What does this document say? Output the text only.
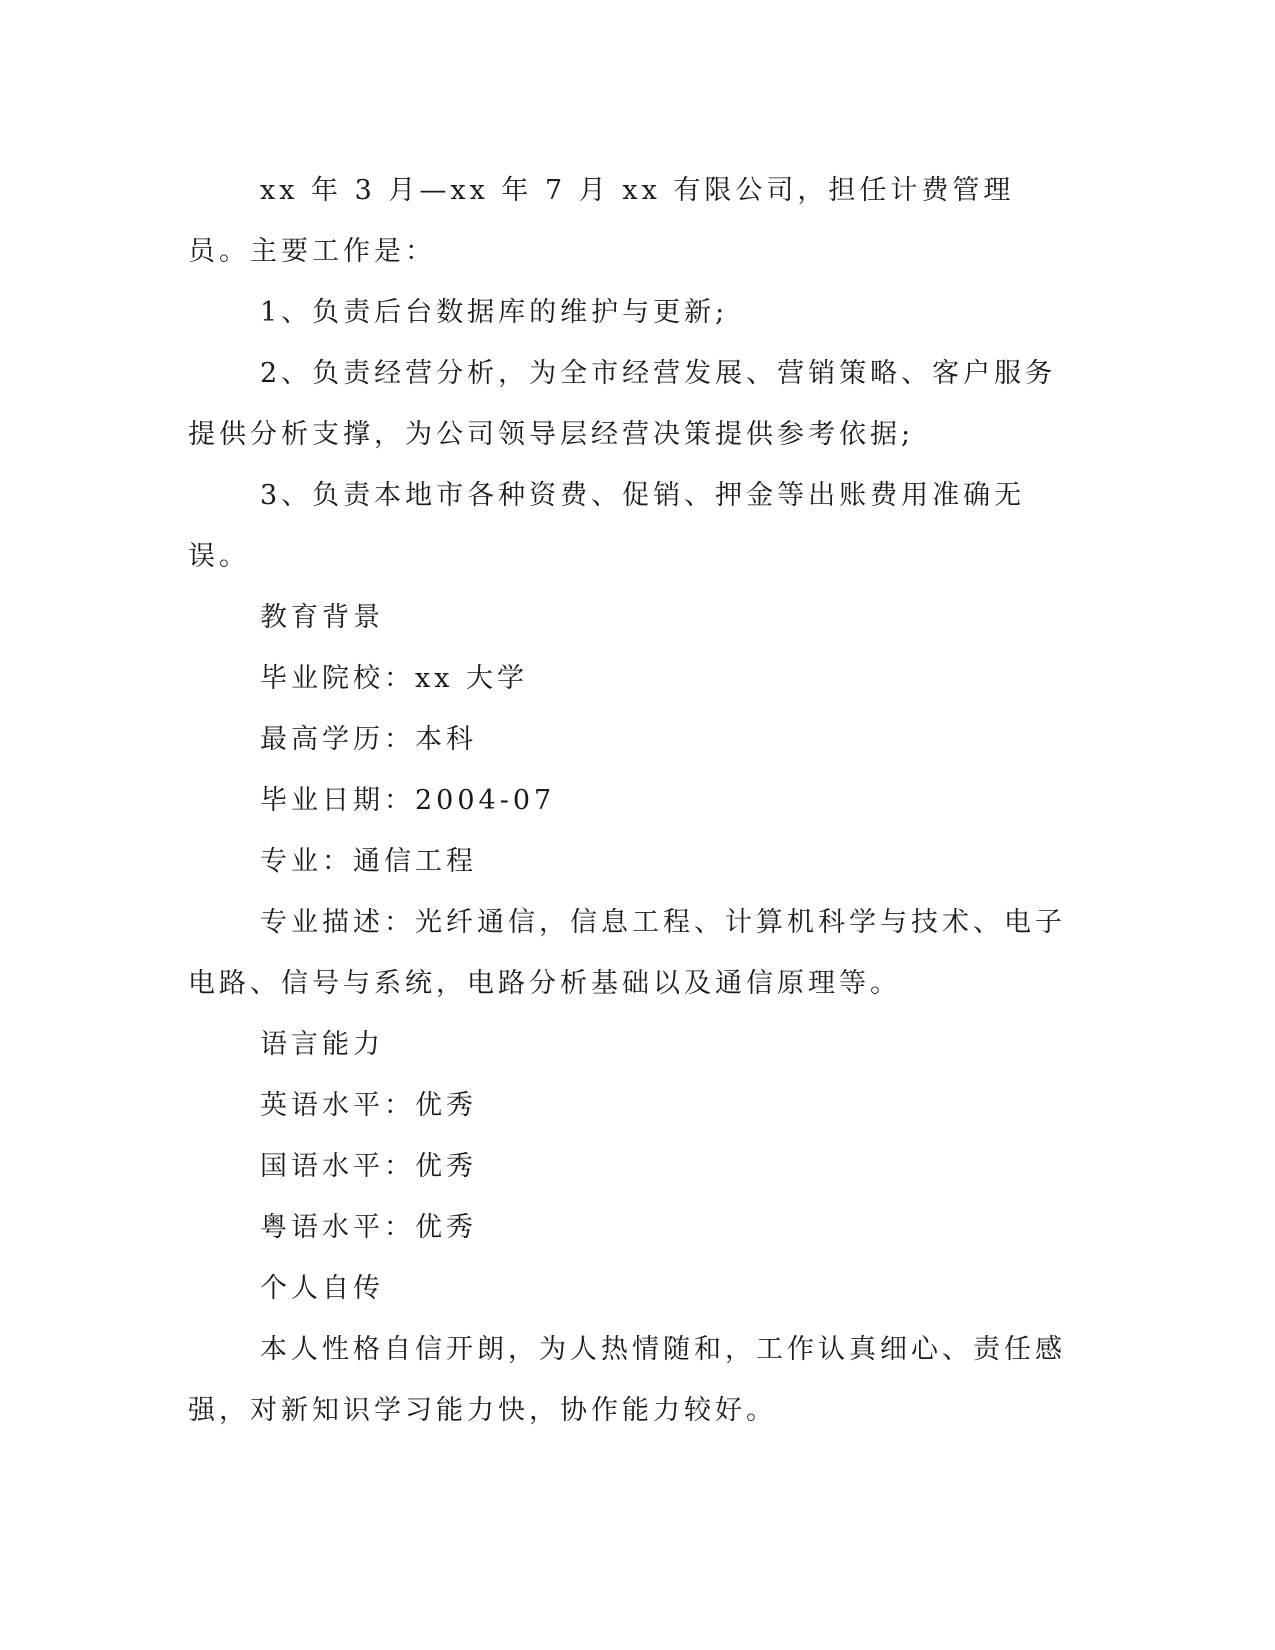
xx 年 3 月—xx 年 7 月 xx 有限公司，担任计费管理员。主要工作是：

1、负责后台数据库的维护与更新;

2、负责经营分析，为全市经营发展、营销策略、客户服务提供分析支撑，为公司领导层经营决策提供参考依据;

3、负责本地市各种资费、促销、押金等出账费用准确无误。

教育背景

毕业院校：xx 大学

最高学历：本科

毕业日期：2004-07

专业：通信工程

专业描述：光纤通信，信息工程、计算机科学与技术、电子电路、信号与系统，电路分析基础以及通信原理等。

语言能力

英语水平：优秀

国语水平：优秀

粤语水平：优秀

个人自传

本人性格自信开朗，为人热情随和，工作认真细心、责任感强，对新知识学习能力快，协作能力较好。
